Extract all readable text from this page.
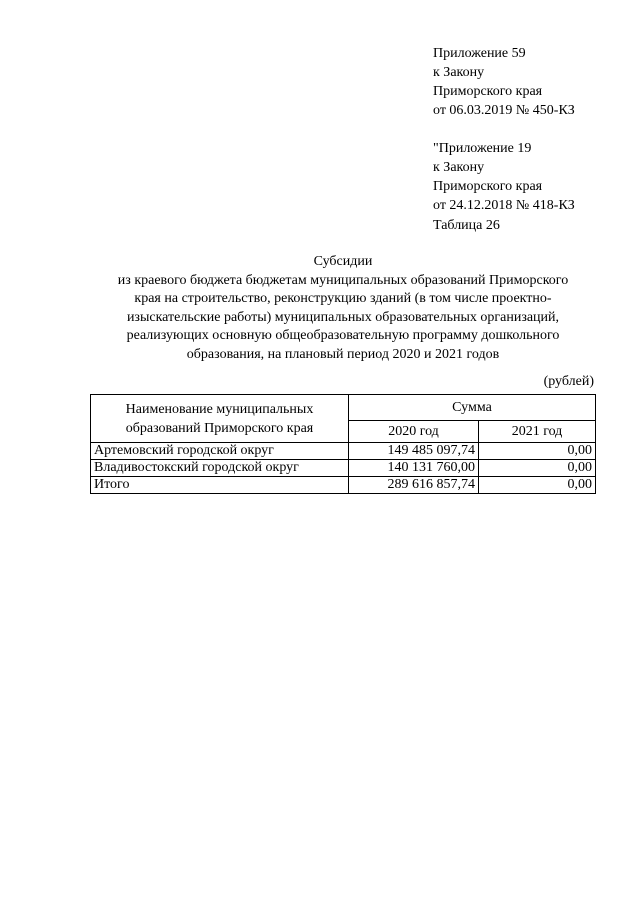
Приложение 59
к Закону
Приморского края
от 06.03.2019 № 450-КЗ
"Приложение 19
к Закону
Приморского края
от 24.12.2018 № 418-КЗ
Таблица 26
Субсидии
из краевого бюджета бюджетам муниципальных образований Приморского
края на строительство, реконструкцию зданий (в том числе проектно-
изыскательские работы) муниципальных образовательных организаций,
реализующих основную общеобразовательную программу дошкольного
образования, на плановый период 2020 и 2021 годов
(рублей)
Наименование муниципальных образований Приморского края	Сумма	
	2020 год	2021 год
Артемовский городской округ	149 485 097,74	0,00
Владивостокский городской округ	140 131 760,00	0,00
Итого	289 616 857,74	0,00
